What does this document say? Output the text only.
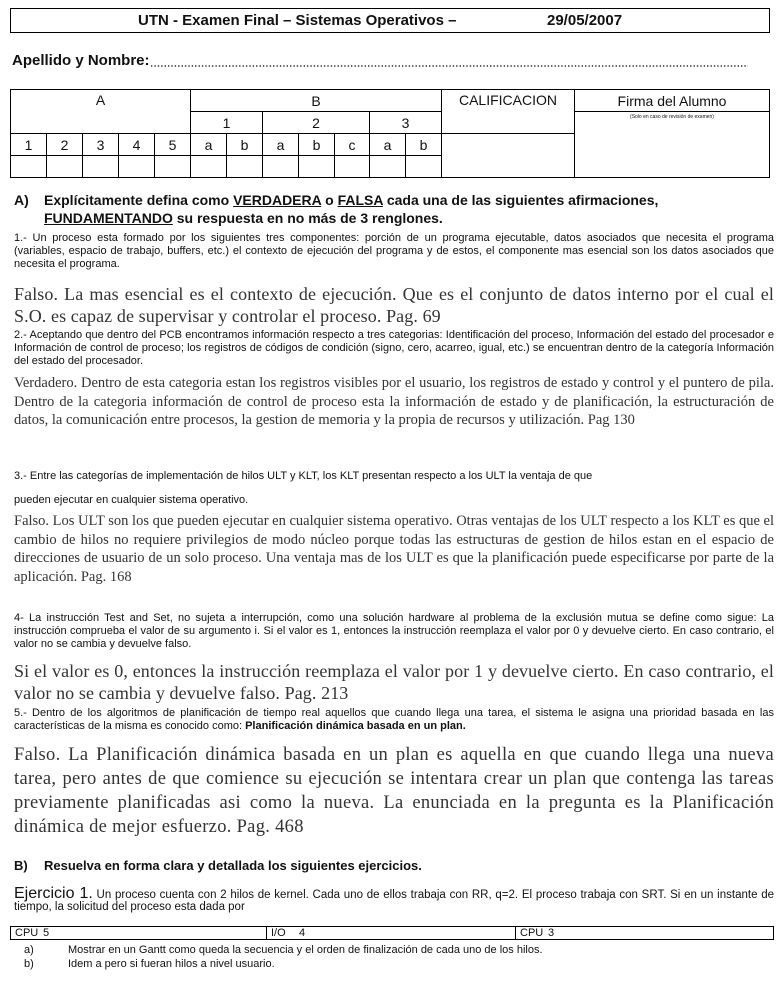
UTN - Examen Final – Sistemas Operativos –	29/05/2007
Apellido y Nombre:
A					B							CALIFICACION	Firma del Alumno
					1		2			3			(Solo en caso de revisión de examen)
1	2	3	4	5	a	b	a	b	c	a	b		

A) Explícitamente defina como VERDADERA o FALSA cada una de las siguientes afirmaciones,
FUNDAMENTANDO su respuesta en no más de 3 renglones.
1.- Un proceso esta formado por los siguientes tres componentes: porción de un programa ejecutable, datos asociados que necesita el programa (variables, espacio de trabajo, buffers, etc.) el contexto de ejecución del programa y de estos, el componente mas esencial son los datos asociados que necesita el programa.
Falso. La mas esencial es el contexto de ejecución. Que es el conjunto de datos interno por el cual el S.O. es capaz de supervisar y controlar el proceso. Pag. 69
2.- Aceptando que dentro del PCB encontramos información respecto a tres categorias: Identificación del proceso, Información del estado del procesador e Información de control de proceso; los registros de códigos de condición (signo, cero, acarreo, igual, etc.) se encuentran dentro de la categoría Información del estado del procesador.
Verdadero. Dentro de esta categoria estan los registros visibles por el usuario, los registros de estado y control y el puntero de pila. Dentro de la categoria información de control de proceso esta la información de estado y de planificación, la estructuración de datos, la comunicación entre procesos, la gestion de memoria y la propia de recursos y utilización. Pag 130
3.- Entre las categorías de implementación de hilos ULT y KLT, los KLT presentan respecto a los ULT la ventaja de que
pueden ejecutar en cualquier sistema operativo.
Falso. Los ULT son los que pueden ejecutar en cualquier sistema operativo. Otras ventajas de los ULT respecto a los KLT es que el cambio de hilos no requiere privilegios de modo núcleo porque todas las estructuras de gestion de hilos estan en el espacio de direcciones de usuario de un solo proceso. Una ventaja mas de los ULT es que la planificación puede especificarse por parte de la aplicación. Pag. 168
4- La instrucción Test and Set, no sujeta a interrupción, como una solución hardware al problema de la exclusión mutua se define como sigue: La instrucción comprueba el valor de su argumento i. Si el valor es 1, entonces la instrucción reemplaza el valor por 0 y devuelve cierto. En caso contrario, el valor no se cambia y devuelve falso.
Si el valor es 0, entonces la instrucción reemplaza el valor por 1 y devuelve cierto. En caso contrario, el valor no se cambia y devuelve falso. Pag. 213
5.- Dentro de los algoritmos de planificación de tiempo real aquellos que cuando llega una tarea, el sistema le asigna una prioridad basada en las características de la misma es conocido como: Planificación dinámica basada en un plan.
Falso. La Planificación dinámica basada en un plan es aquella en que cuando llega una nueva tarea, pero antes de que comience su ejecución se intentara crear un plan que contenga las tareas previamente planificadas asi como la nueva. La enunciada en la pregunta es la Planificación dinámica de mejor esfuerzo. Pag. 468
B) Resuelva en forma clara y detallada los siguientes ejercicios.
Ejercicio 1. Un proceso cuenta con 2 hilos de kernel. Cada uno de ellos trabaja con RR, q=2. El proceso trabaja con SRT. Si en un instante de tiempo, la solicitud del proceso esta dada por
CPU 5	I/O 4	CPU 3
a)	Mostrar en un Gantt como queda la secuencia y el orden de finalización de cada uno de los hilos.
b)	Idem a pero si fueran hilos a nivel usuario.
